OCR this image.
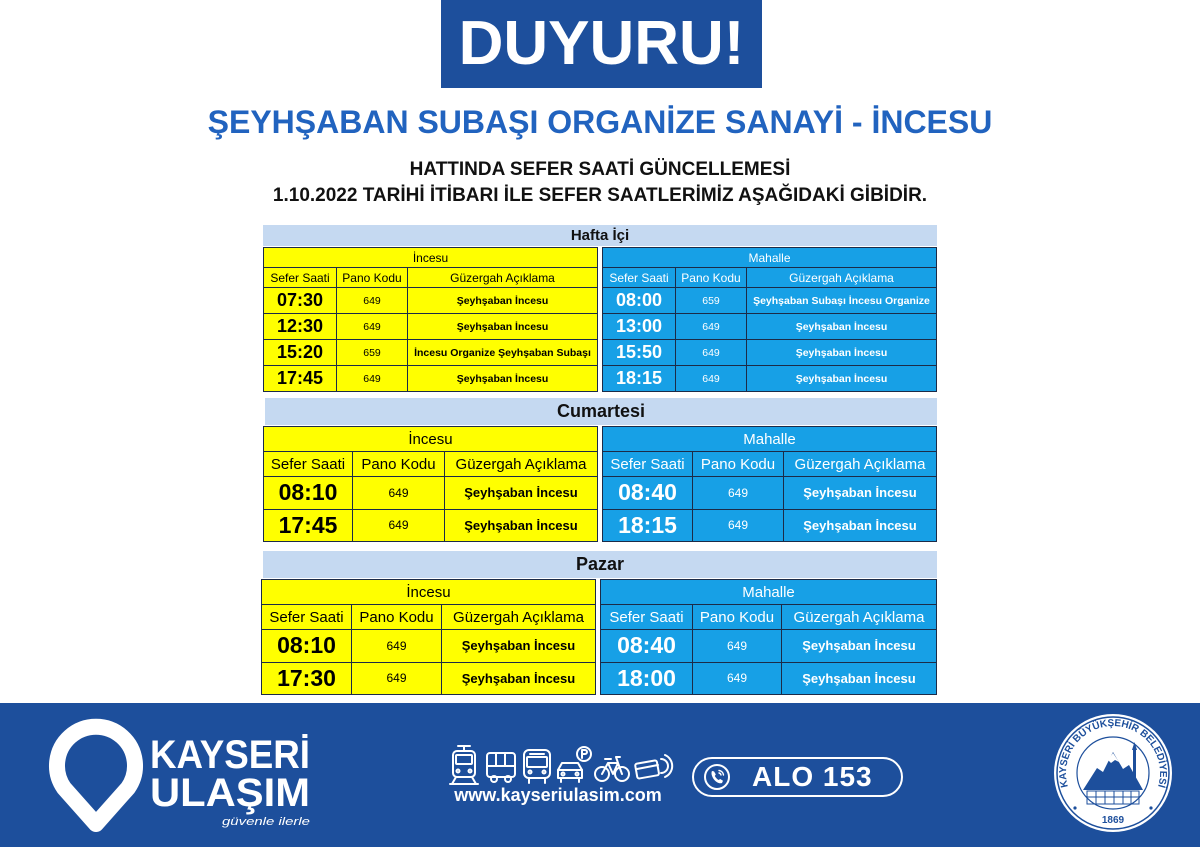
DUYURU!
ŞEYHŞABAN SUBAŞI ORGANİZE SANAYİ - İNCESU
HATTINDA SEFER SAATİ GÜNCELLEMESİ
1.10.2022 TARİHİ İTİBARI İLE SEFER SAATLERİMİZ AŞAĞIDAKİ GİBİDİR.
Hafta İçi
İncesu
Sefer Saati	Pano Kodu	Güzergah Açıklama
07:30	649	Şeyhşaban İncesu
12:30	649	Şeyhşaban İncesu
15:20	659	İncesu Organize Şeyhşaban Subaşı
17:45	649	Şeyhşaban İncesu
Mahalle
Sefer Saati	Pano Kodu	Güzergah Açıklama
08:00	659	Şeyhşaban Subaşı İncesu Organize
13:00	649	Şeyhşaban İncesu
15:50	649	Şeyhşaban İncesu
18:15	649	Şeyhşaban İncesu
Cumartesi
İncesu
Sefer Saati	Pano Kodu	Güzergah Açıklama
08:10	649	Şeyhşaban İncesu
17:45	649	Şeyhşaban İncesu
Mahalle
Sefer Saati	Pano Kodu	Güzergah Açıklama
08:40	649	Şeyhşaban İncesu
18:15	649	Şeyhşaban İncesu
Pazar
İncesu
Sefer Saati	Pano Kodu	Güzergah Açıklama
08:10	649	Şeyhşaban İncesu
17:30	649	Şeyhşaban İncesu
Mahalle
Sefer Saati	Pano Kodu	Güzergah Açıklama
08:40	649	Şeyhşaban İncesu
18:00	649	Şeyhşaban İncesu
KAYSERİ
ULAŞIM
güvenle ilerle
www.kayseriulasim.com
ALO 153	KAYSERİ BÜYÜKŞEHİR BELEDİYESİ
1869
